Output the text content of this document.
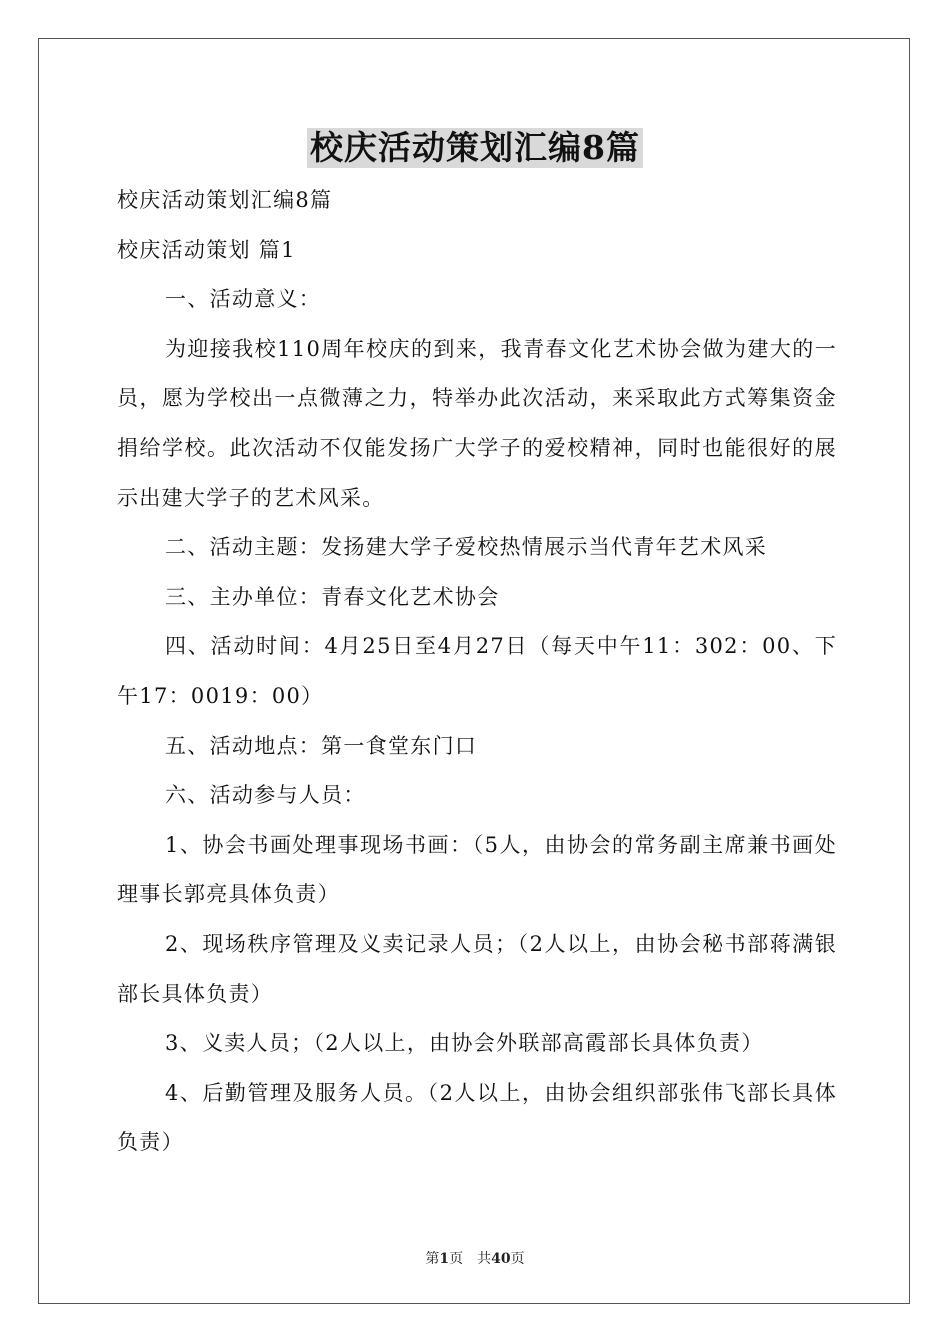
校庆活动策划汇编8篇

校庆活动策划汇编8篇

校庆活动策划 篇1

一、活动意义：

为迎接我校110周年校庆的到来，我青春文化艺术协会做为建大的一员，愿为学校出一点微薄之力，特举办此次活动，来采取此方式筹集资金捐给学校。此次活动不仅能发扬广大学子的爱校精神，同时也能很好的展示出建大学子的艺术风采。

二、活动主题：发扬建大学子爱校热情展示当代青年艺术风采

三、主办单位：青春文化艺术协会

四、活动时间：4月25日至4月27日（每天中午11：302：00、下午17：0019：00）

五、活动地点：第一食堂东门口

六、活动参与人员：

1、协会书画处理事现场书画：（5人，由协会的常务副主席兼书画处理事长郭亮具体负责）

2、现场秩序管理及义卖记录人员；（2人以上，由协会秘书部蒋满银部长具体负责）

3、义卖人员；（2人以上，由协会外联部高霞部长具体负责）

4、后勤管理及服务人员。（2人以上，由协会组织部张伟飞部长具体负责）

第1页　共40页
